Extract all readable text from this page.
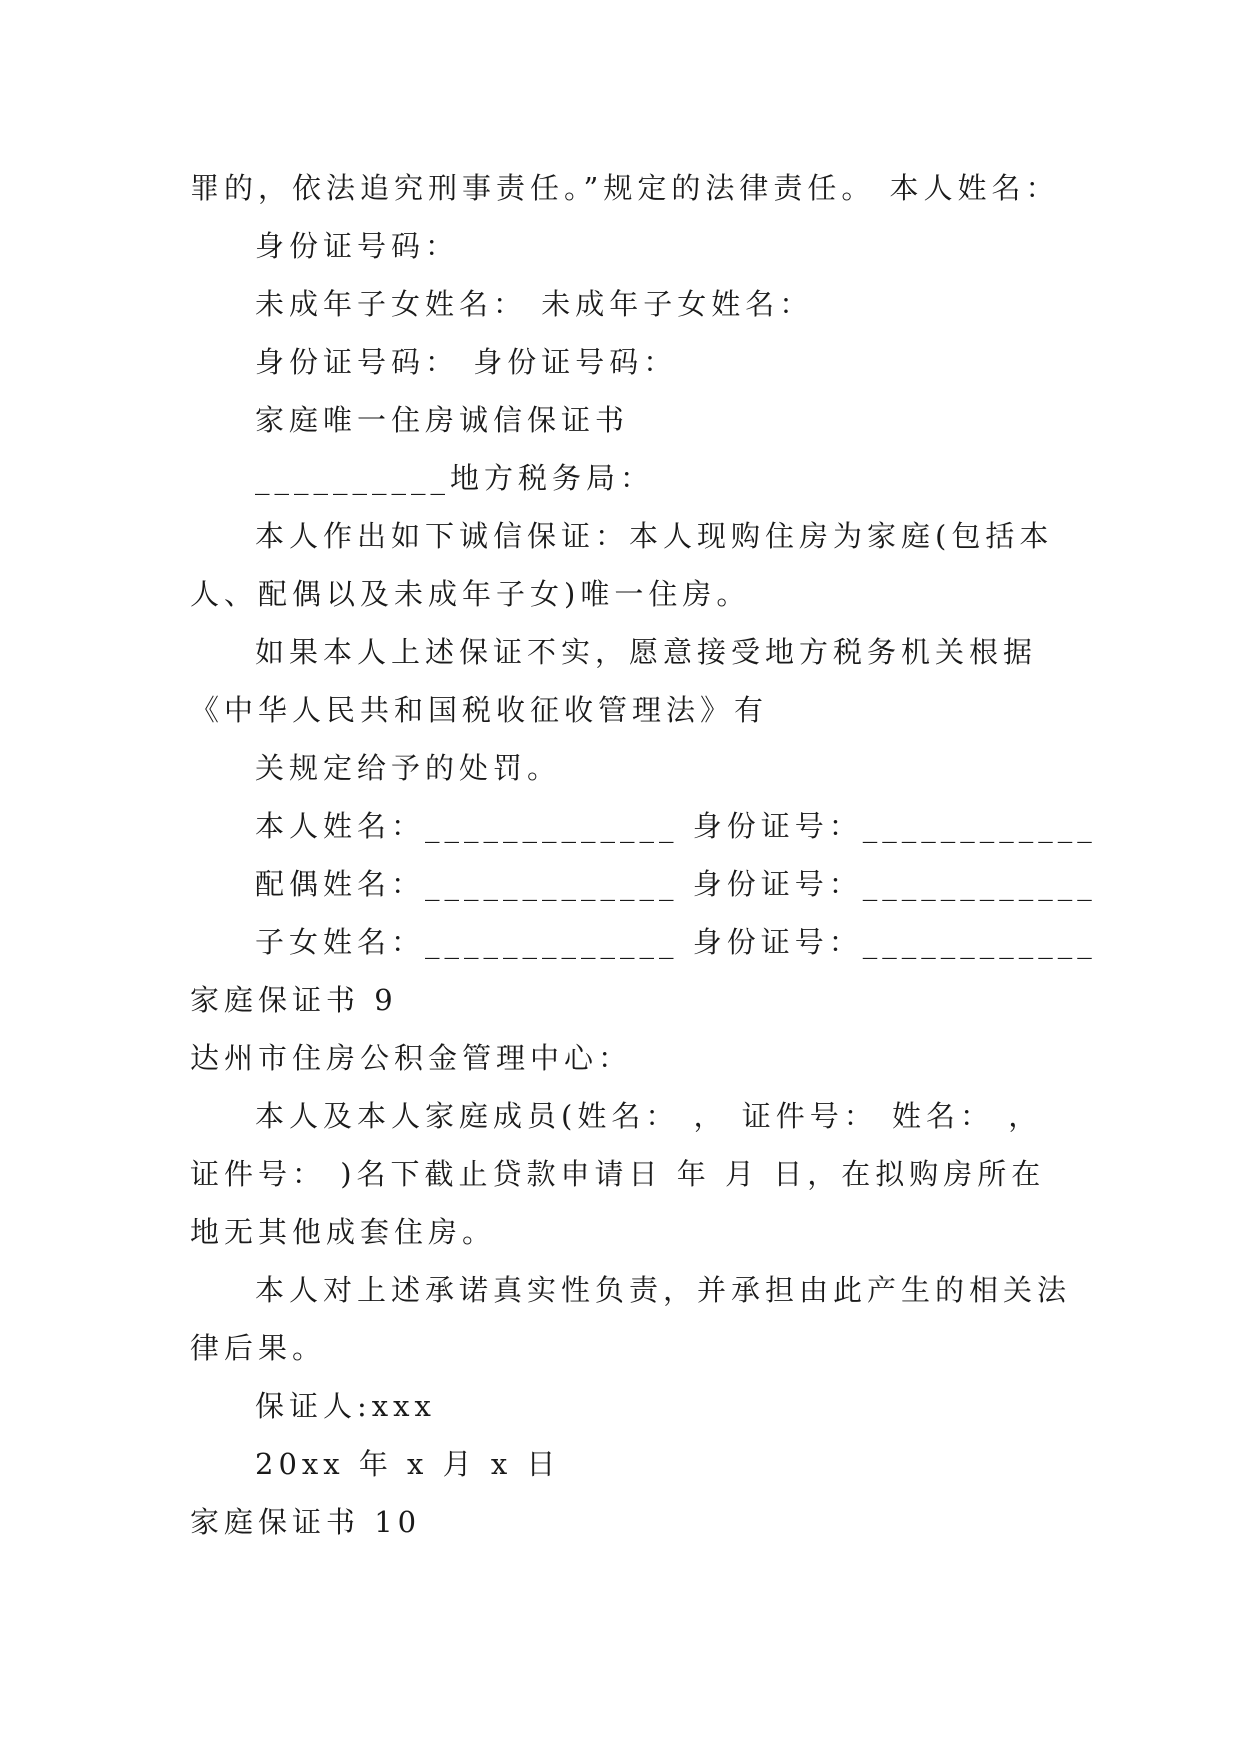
罪的，依法追究刑事责任。”规定的法律责任。 本人姓名：
身份证号码：
未成年子女姓名： 未成年子女姓名：
身份证号码： 身份证号码：
家庭唯一住房诚信保证书
__________地方税务局：
本人作出如下诚信保证：本人现购住房为家庭(包括本
人、配偶以及未成年子女)唯一住房。
如果本人上述保证不实，愿意接受地方税务机关根据
《中华人民共和国税收征收管理法》有
关规定给予的处罚。
本人姓名：_____________ 身份证号：____________
配偶姓名：_____________ 身份证号：____________
子女姓名：_____________ 身份证号：____________
家庭保证书 9
达州市住房公积金管理中心：
本人及本人家庭成员(姓名： ， 证件号： 姓名： ，
证件号： )名下截止贷款申请日 年 月 日，在拟购房所在
地无其他成套住房。
本人对上述承诺真实性负责，并承担由此产生的相关法
律后果。
保证人:xxx
20xx 年 x 月 x 日
家庭保证书 10
